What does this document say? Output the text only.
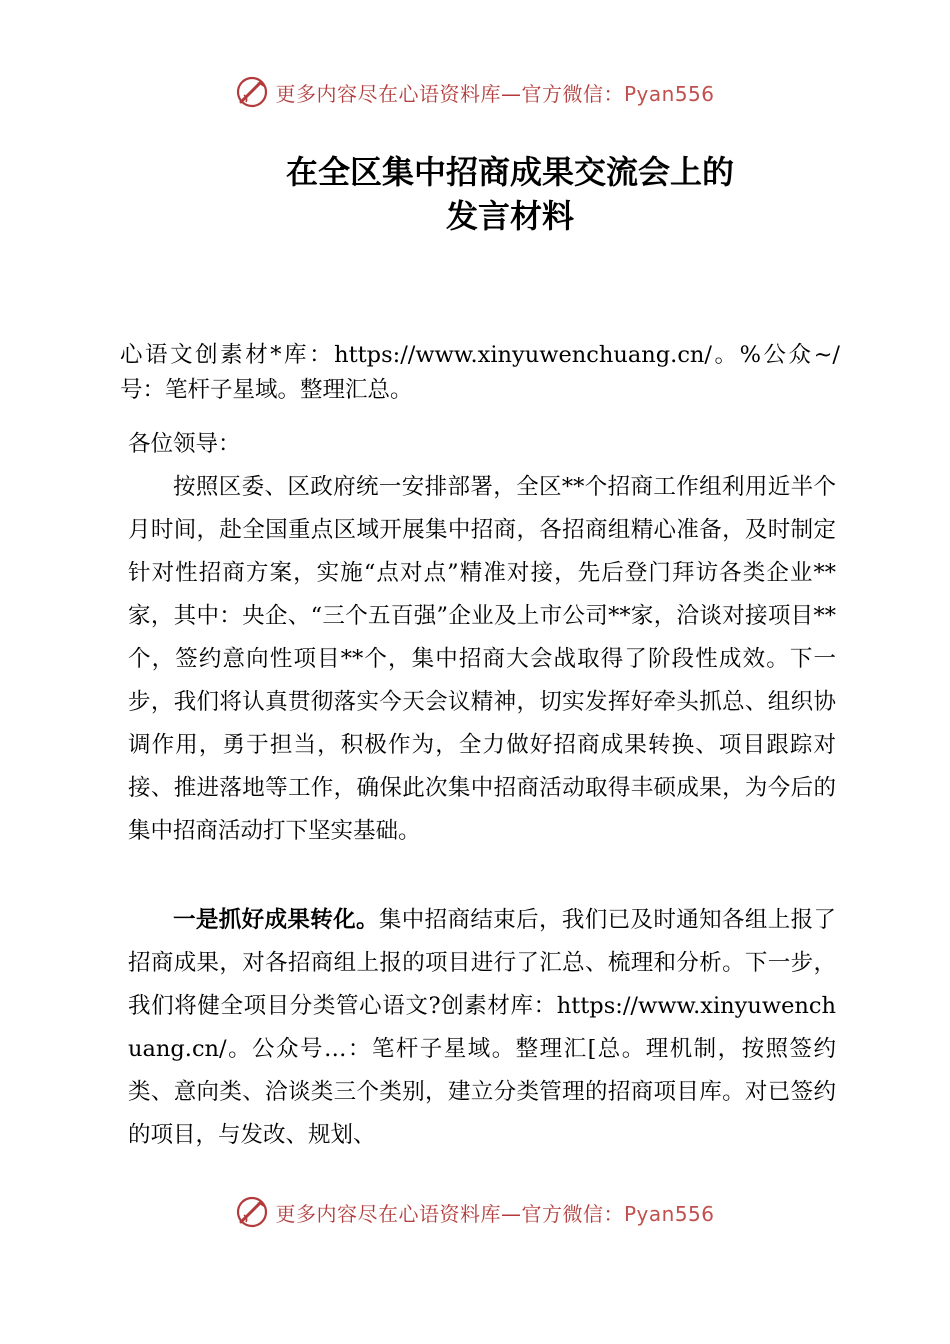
更多内容尽在心语资料库—官方微信：Pyan556
在全区集中招商成果交流会上的
发言材料

心语文创素材*库：https://www.xinyuwenchuang.cn/。%公众~/号：笔杆子星域。整理汇总。

各位领导：

按照区委、区政府统一安排部署，全区**个招商工作组利用近半个月时间，赴全国重点区域开展集中招商，各招商组精心准备，及时制定针对性招商方案，实施“点对点”精准对接，先后登门拜访各类企业**家，其中：央企、“三个五百强”企业及上市公司**家，洽谈对接项目**个，签约意向性项目**个，集中招商大会战取得了阶段性成效。下一步，我们将认真贯彻落实今天会议精神，切实发挥好牵头抓总、组织协调作用，勇于担当，积极作为，全力做好招商成果转换、项目跟踪对接、推进落地等工作，确保此次集中招商活动取得丰硕成果，为今后的集中招商活动打下坚实基础。

一是抓好成果转化。集中招商结束后，我们已及时通知各组上报了招商成果，对各招商组上报的项目进行了汇总、梳理和分析。下一步，我们将健全项目分类管心语文?创素材库：https://www.xinyuwenchuang.cn/。公众号…：笔杆子星域。整理汇[总。理机制，按照签约类、意向类、洽谈类三个类别，建立分类管理的招商项目库。对已签约的项目，与发改、规划、

更多内容尽在心语资料库—官方微信：Pyan556
